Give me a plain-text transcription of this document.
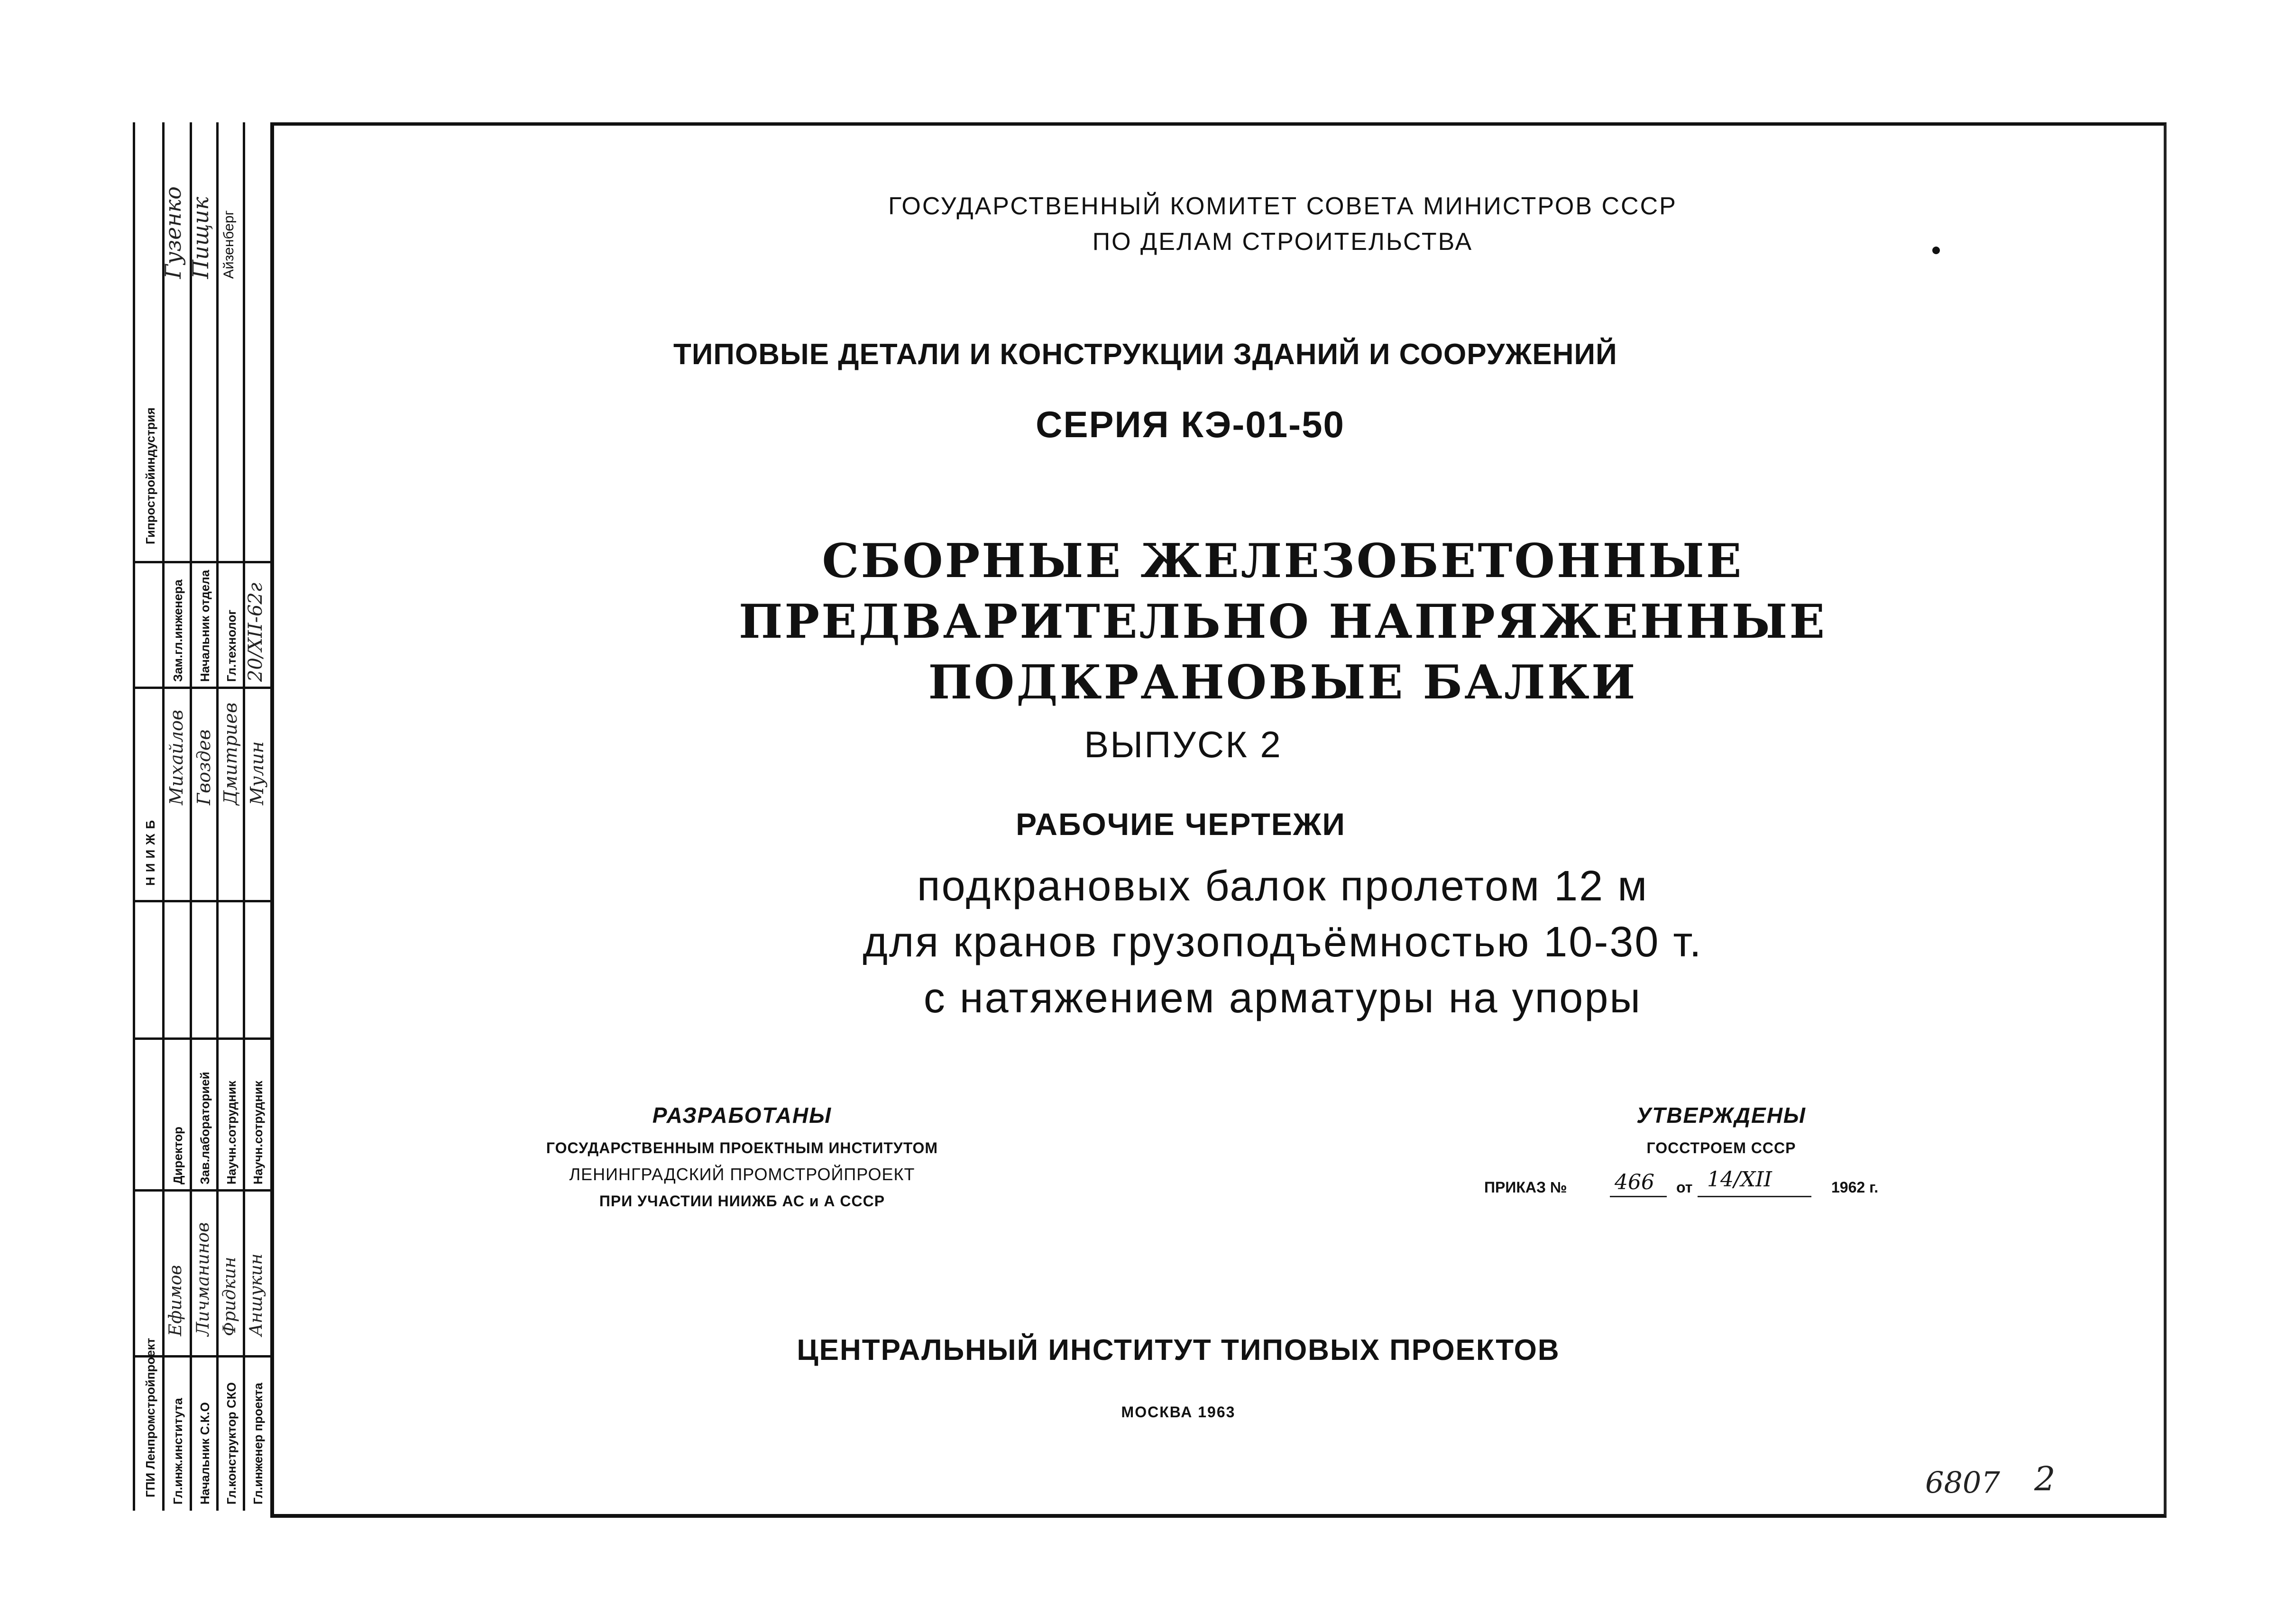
Гипростройиндустрия
НИИЖБ
ГПИ Ленпромстройпроект
Зам.гл.инженера Начальник отдела Гл.технолог 20/XII-62г
Гузенко Пищик Айзенберг
Директор Зав.лабораторией Научн.сотрудник Научн.сотрудник
Михайлов Гвоздев Дмитриев Мулин
Гл.инж.института Начальник С.К.О Гл.конструктор СКО Гл.инженер проекта
Ефимов Личманинов Фридкин Аншукин
ГОСУДАРСТВЕННЫЙ КОМИТЕТ СОВЕТА МИНИСТРОВ СССР
ПО ДЕЛАМ СТРОИТЕЛЬСТВА
ТИПОВЫЕ ДЕТАЛИ И КОНСТРУКЦИИ ЗДАНИЙ И СООРУЖЕНИЙ
СЕРИЯ КЭ-01-50
СБОРНЫЕ ЖЕЛЕЗОБЕТОННЫЕ
ПРЕДВАРИТЕЛЬНО НАПРЯЖЕННЫЕ
ПОДКРАНОВЫЕ БАЛКИ
ВЫПУСК 2
РАБОЧИЕ ЧЕРТЕЖИ
подкрановых балок пролетом 12 м
для кранов грузоподъёмностью 10-30 т.
с натяжением арматуры на упоры
РАЗРАБОТАНЫ
ГОСУДАРСТВЕННЫМ ПРОЕКТНЫМ ИНСТИТУТОМ
ЛЕНИНГРАДСКИЙ ПРОМСТРОЙПРОЕКТ
ПРИ УЧАСТИИ НИИЖБ АС и А СССР
УТВЕРЖДЕНЫ
ГОССТРОЕМ СССР
ПРИКАЗ № 466 от 14/XII	1962 г.
ЦЕНТРАЛЬНЫЙ ИНСТИТУТ ТИПОВЫХ ПРОЕКТОВ
МОСКВА 1963
6807 2
